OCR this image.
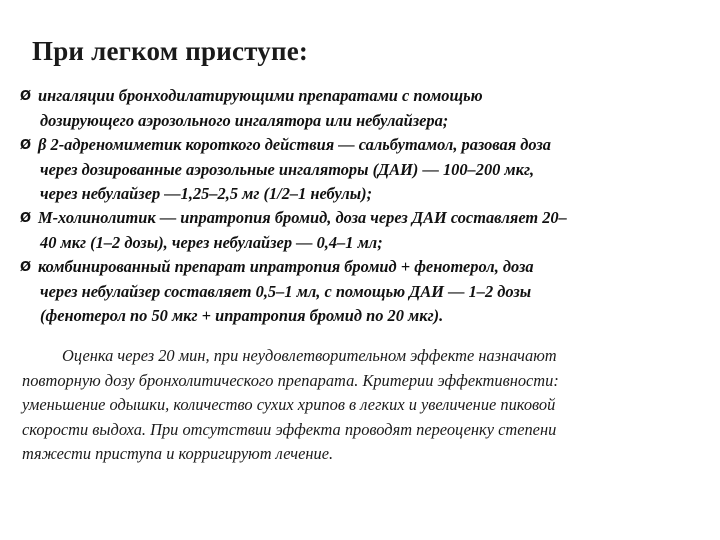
При легком приступе:
Ø ингаляции бронходилатирующими препаратами с помощью
дозирующего аэрозольного ингалятора или небулайзера;
Ø β 2-адреномиметик короткого действия — сальбутамол, разовая доза
через дозированные аэрозольные ингаляторы (ДАИ) — 100–200 мкг,
через небулайзер —1,25–2,5 мг (1/2–1 небулы);
Ø М-холинолитик — ипратропия бромид, доза через ДАИ составляет 20–
40 мкг (1–2 дозы), через небулайзер — 0,4–1 мл;
Ø комбинированный препарат ипратропия бромид + фенотерол, доза
через небулайзер составляет 0,5–1 мл, с помощью ДАИ — 1–2 дозы
(фенотерол по 50 мкг + ипратропия бромид по 20 мкг).
Оценка через 20 мин, при неудовлетворительном эффекте назначают
повторную дозу бронхолитического препарата. Критерии эффективности:
уменьшение одышки, количество сухих хрипов в легких и увеличение пиковой
скорости выдоха. При отсутствии эффекта проводят переоценку степени
тяжести приступа и корригируют лечение.
